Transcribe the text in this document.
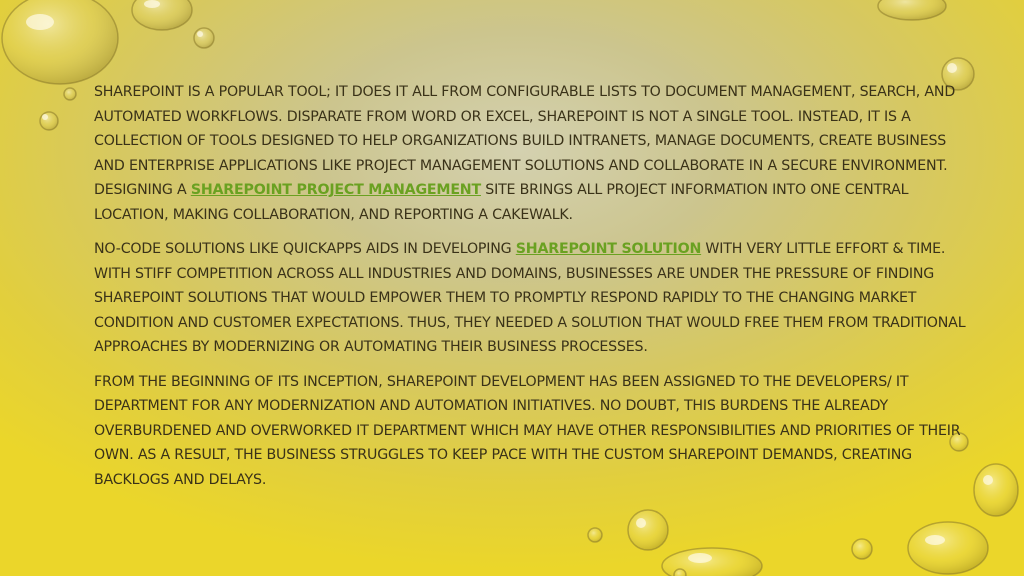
SHAREPOINT IS A POPULAR TOOL; IT DOES IT ALL FROM CONFIGURABLE LISTS TO DOCUMENT MANAGEMENT, SEARCH, AND AUTOMATED WORKFLOWS. DISPARATE FROM WORD OR EXCEL, SHAREPOINT IS NOT A SINGLE TOOL. INSTEAD, IT IS A COLLECTION OF TOOLS DESIGNED TO HELP ORGANIZATIONS BUILD INTRANETS, MANAGE DOCUMENTS, CREATE BUSINESS AND ENTERPRISE APPLICATIONS LIKE PROJECT MANAGEMENT SOLUTIONS AND COLLABORATE IN A SECURE ENVIRONMENT. DESIGNING A SHAREPOINT PROJECT MANAGEMENT SITE BRINGS ALL PROJECT INFORMATION INTO ONE CENTRAL LOCATION, MAKING COLLABORATION, AND REPORTING A CAKEWALK.

NO-CODE SOLUTIONS LIKE QUICKAPPS AIDS IN DEVELOPING SHAREPOINT SOLUTION WITH VERY LITTLE EFFORT & TIME. WITH STIFF COMPETITION ACROSS ALL INDUSTRIES AND DOMAINS, BUSINESSES ARE UNDER THE PRESSURE OF FINDING SHAREPOINT SOLUTIONS THAT WOULD EMPOWER THEM TO PROMPTLY RESPOND RAPIDLY TO THE CHANGING MARKET CONDITION AND CUSTOMER EXPECTATIONS. THUS, THEY NEEDED A SOLUTION THAT WOULD FREE THEM FROM TRADITIONAL APPROACHES BY MODERNIZING OR AUTOMATING THEIR BUSINESS PROCESSES.

FROM THE BEGINNING OF ITS INCEPTION, SHAREPOINT DEVELOPMENT HAS BEEN ASSIGNED TO THE DEVELOPERS/ IT DEPARTMENT FOR ANY MODERNIZATION AND AUTOMATION INITIATIVES. NO DOUBT, THIS BURDENS THE ALREADY OVERBURDENED AND OVERWORKED IT DEPARTMENT WHICH MAY HAVE OTHER RESPONSIBILITIES AND PRIORITIES OF THEIR OWN. AS A RESULT, THE BUSINESS STRUGGLES TO KEEP PACE WITH THE CUSTOM SHAREPOINT DEMANDS, CREATING BACKLOGS AND DELAYS.
